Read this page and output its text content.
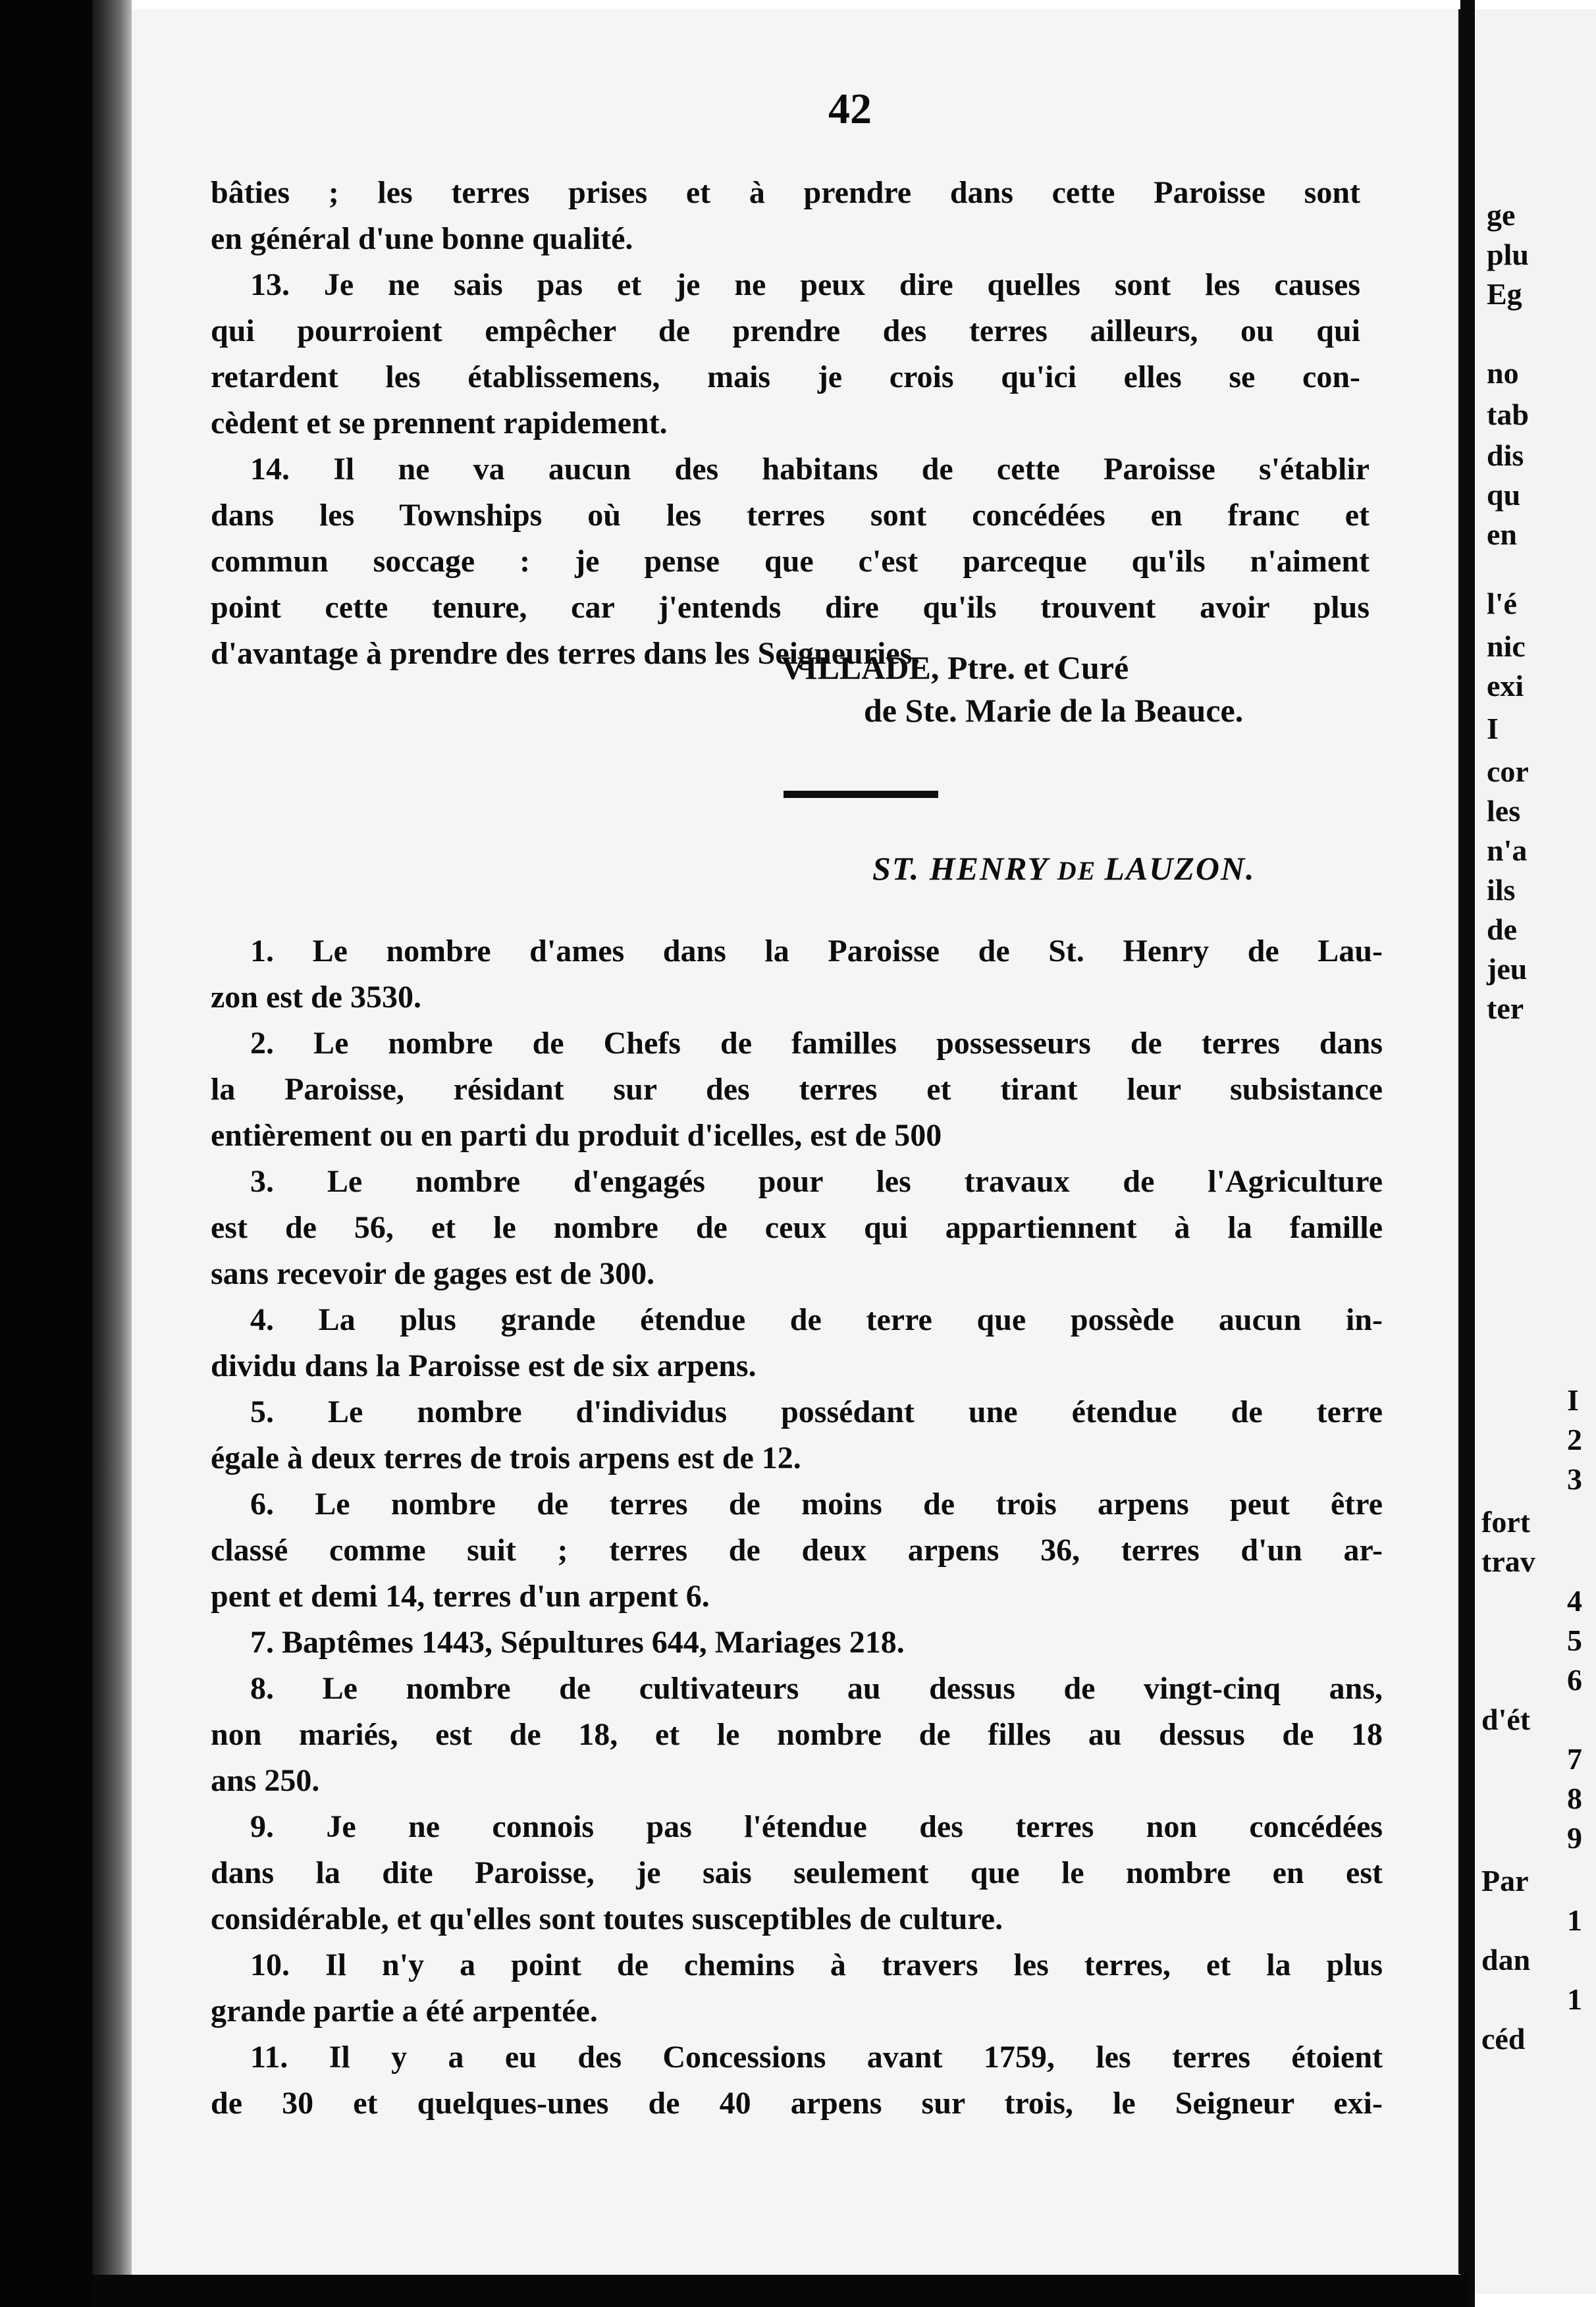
42
bâties ; les terres prises et à prendre dans cette Paroisse sont
en général d'une bonne qualité.
13. Je ne sais pas et je ne peux dire quelles sont les causes
qui pourroient empêcher de prendre des terres ailleurs, ou qui
retardent les établissemens, mais je crois qu'ici elles se con-
cèdent et se prennent rapidement.
14. Il ne va aucun des habitans de cette Paroisse s'établir
dans les Townships où les terres sont concédées en franc et
commun soccage : je pense que c'est parceque qu'ils n'aiment
point cette tenure, car j'entends dire qu'ils trouvent avoir plus
d'avantage à prendre des terres dans les Seigneuries.
VILLADE, Ptre. et Curé
de Ste. Marie de la Beauce.
ST. HENRY DE LAUZON.
1. Le nombre d'ames dans la Paroisse de St. Henry de Lau-
zon est de 3530.
2. Le nombre de Chefs de familles possesseurs de terres dans
la Paroisse, résidant sur des terres et tirant leur subsistance
entièrement ou en parti du produit d'icelles, est de 500
3. Le nombre d'engagés pour les travaux de l'Agriculture
est de 56, et le nombre de ceux qui appartiennent à la famille
sans recevoir de gages est de 300.
4. La plus grande étendue de terre que possède aucun in-
dividu dans la Paroisse est de six arpens.
5. Le nombre d'individus possédant une étendue de terre
égale à deux terres de trois arpens est de 12.
6. Le nombre de terres de moins de trois arpens peut être
classé comme suit ; terres de deux arpens 36, terres d'un ar-
pent et demi 14, terres d'un arpent 6.
7. Baptêmes 1443, Sépultures 644, Mariages 218.
8. Le nombre de cultivateurs au dessus de vingt-cinq ans,
non mariés, est de 18, et le nombre de filles au dessus de 18
ans 250.
9. Je ne connois pas l'étendue des terres non concédées
dans la dite Paroisse, je sais seulement que le nombre en est
considérable, et qu'elles sont toutes susceptibles de culture.
10. Il n'y a point de chemins à travers les terres, et la plus
grande partie a été arpentée.
11. Il y a eu des Concessions avant 1759, les terres étoient
de 30 et quelques-unes de 40 arpens sur trois, le Seigneur exi-
ge
plu
Eg
no
tab
dis
qu
en
l'é
nic
exi
I
cor
les
n'a
ils
de
jeu
ter
I
2
3
fort
trav
4
5
6
d'ét
7
8
9
Par
1
dan
1
céd
